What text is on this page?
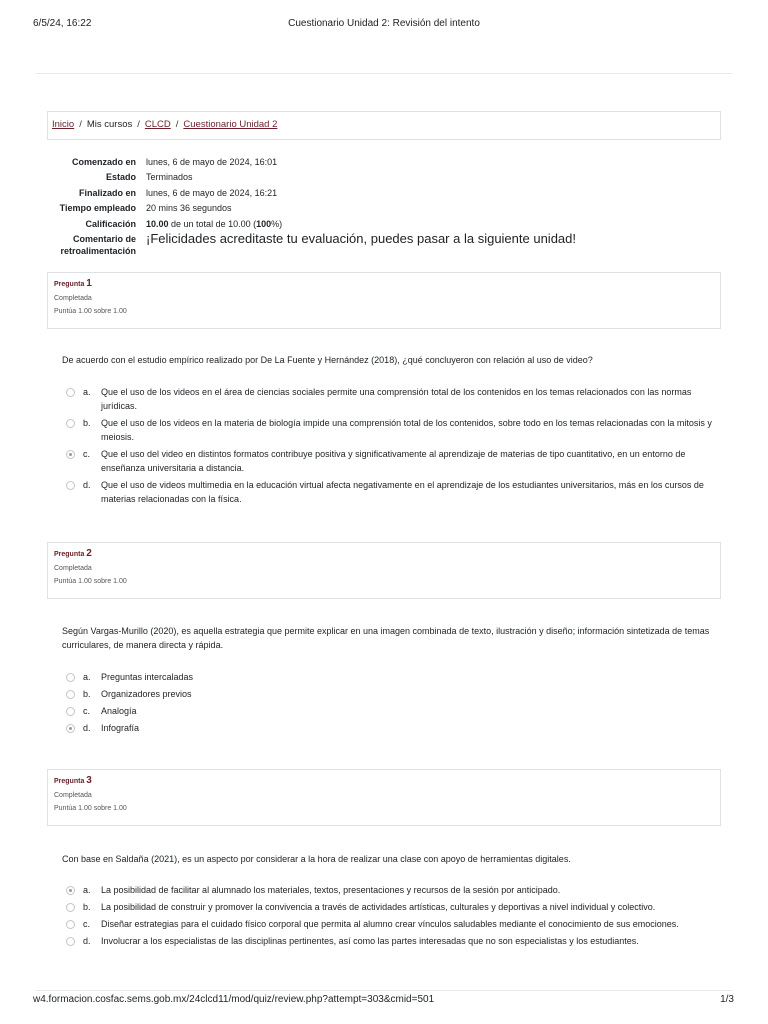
6/5/24, 16:22	Cuestionario Unidad 2: Revisión del intento
Inicio / Mis cursos / CLCD / Cuestionario Unidad 2
Comenzado en	lunes, 6 de mayo de 2024, 16:01
Estado	Terminados
Finalizado en	lunes, 6 de mayo de 2024, 16:21
Tiempo empleado	20 mins 36 segundos
Calificación	10.00 de un total de 10.00 (100%)
Comentario de retroalimentación
¡Felicidades acreditaste tu evaluación, puedes pasar a la siguiente unidad!
Pregunta 1
Completada
Puntúa 1.00 sobre 1.00
De acuerdo con el estudio empírico realizado por De La Fuente y Hernández (2018), ¿qué concluyeron con relación al uso de video?
a.	Que el uso de los videos en el área de ciencias sociales permite una comprensión total de los contenidos en los temas relacionados con las normas jurídicas.
b.	Que el uso de los videos en la materia de biología impide una comprensión total de los contenidos, sobre todo en los temas relacionadas con la mitosis y meiosis.
c.	Que el uso del video en distintos formatos contribuye positiva y significativamente al aprendizaje de materias de tipo cuantitativo, en un entorno de enseñanza universitaria a distancia.
d.	Que el uso de videos multimedia en la educación virtual afecta negativamente en el aprendizaje de los estudiantes universitarios, más en los cursos de materias relacionadas con la física.
Pregunta 2
Completada
Puntúa 1.00 sobre 1.00
Según Vargas-Murillo (2020), es aquella estrategia que permite explicar en una imagen combinada de texto, ilustración y diseño; información sintetizada de temas curriculares, de manera directa y rápida.
a.	Preguntas intercaladas
b.	Organizadores previos
c.	Analogía
d.	Infografía
Pregunta 3
Completada
Puntúa 1.00 sobre 1.00
Con base en Saldaña (2021), es un aspecto por considerar a la hora de realizar una clase con apoyo de herramientas digitales.
a.	La posibilidad de facilitar al alumnado los materiales, textos, presentaciones y recursos de la sesión por anticipado.
b.	La posibilidad de construir y promover la convivencia a través de actividades artísticas, culturales y deportivas a nivel individual y colectivo.
c.	Diseñar estrategias para el cuidado físico corporal que permita al alumno crear vínculos saludables mediante el conocimiento de sus emociones.
d.	Involucrar a los especialistas de las disciplinas pertinentes, así como las partes interesadas que no son especialistas y los estudiantes.
w4.formacion.cosfac.sems.gob.mx/24clcd11/mod/quiz/review.php?attempt=303&cmid=501	1/3
